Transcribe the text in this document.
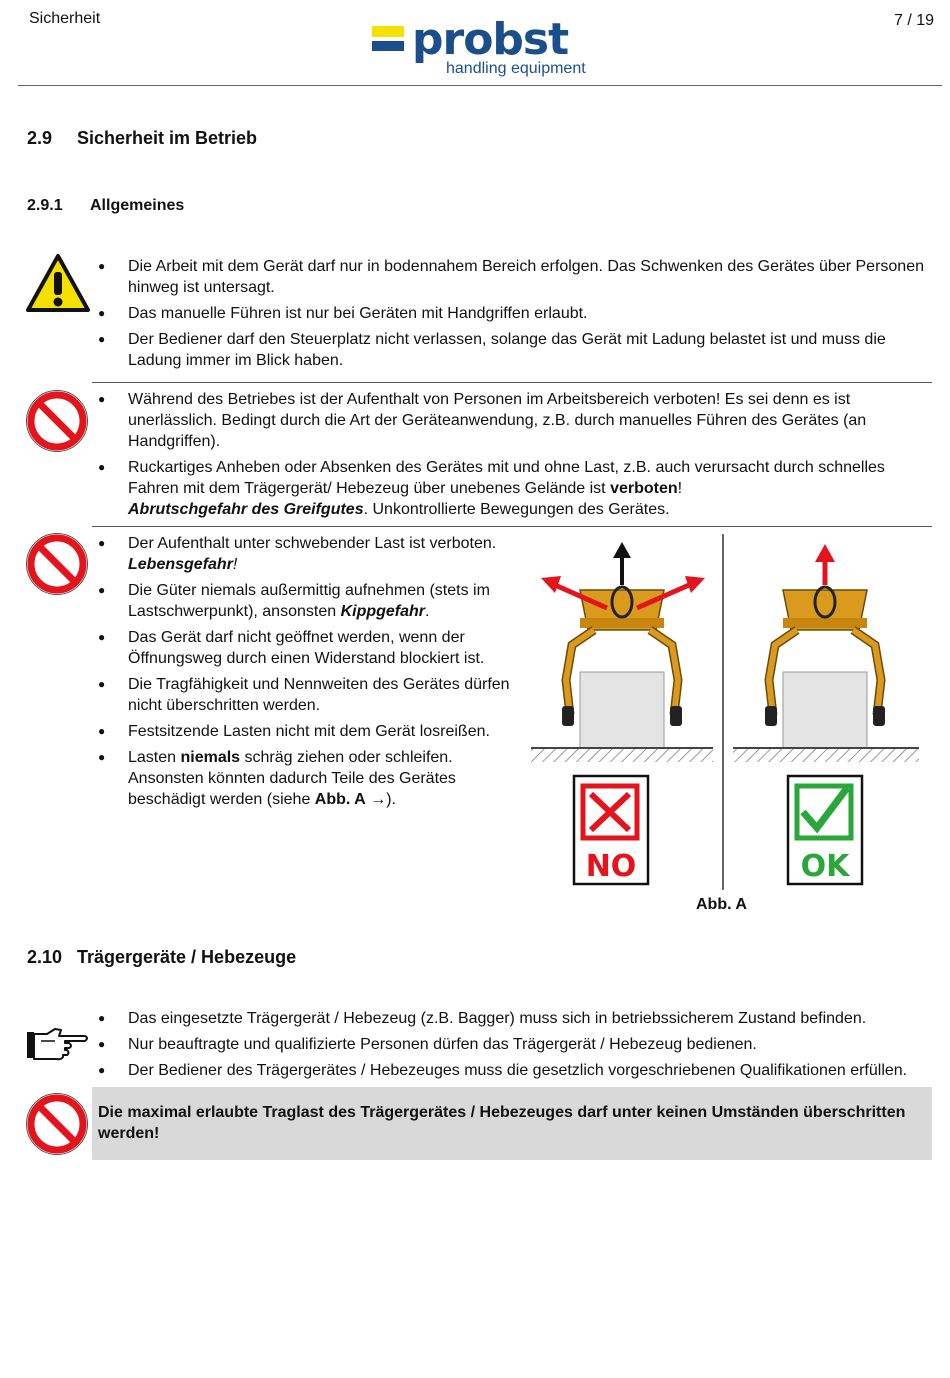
Sicherheit	7 / 19
probst
handling equipment
2.9 Sicherheit im Betrieb
2.9.1 Allgemeines
● Die Arbeit mit dem Gerät darf nur in bodennahem Bereich erfolgen. Das Schwenken des Gerätes über Personen hinweg ist untersagt.
● Das manuelle Führen ist nur bei Geräten mit Handgriffen erlaubt.
● Der Bediener darf den Steuerplatz nicht verlassen, solange das Gerät mit Ladung belastet ist und muss die Ladung immer im Blick haben.
● Während des Betriebes ist der Aufenthalt von Personen im Arbeitsbereich verboten! Es sei denn es ist unerlässlich. Bedingt durch die Art der Geräteanwendung, z.B. durch manuelles Führen des Gerätes (an Handgriffen).
● Ruckartiges Anheben oder Absenken des Gerätes mit und ohne Last, z.B. auch verursacht durch schnelles Fahren mit dem Trägergerät/ Hebezeug über unebenes Gelände ist verboten!
Abrutschgefahr des Greifgutes. Unkontrollierte Bewegungen des Gerätes.
● Der Aufenthalt unter schwebender Last ist verboten. Lebensgefahr!
● Die Güter niemals außermittig aufnehmen (stets im Lastschwerpunkt), ansonsten Kippgefahr.
● Das Gerät darf nicht geöffnet werden, wenn der Öffnungsweg durch einen Widerstand blockiert ist.
● Die Tragfähigkeit und Nennweiten des Gerätes dürfen nicht überschritten werden.
● Festsitzende Lasten nicht mit dem Gerät losreißen.
● Lasten niemals schräg ziehen oder schleifen. Ansonsten könnten dadurch Teile des Gerätes beschädigt werden (siehe Abb. A →).
NO	OK
Abb. A
2.10 Trägergeräte / Hebezeuge
● Das eingesetzte Trägergerät / Hebezeug (z.B. Bagger) muss sich in betriebssicherem Zustand befinden.
● Nur beauftragte und qualifizierte Personen dürfen das Trägergerät / Hebezeug bedienen.
● Der Bediener des Trägergerätes / Hebezeuges muss die gesetzlich vorgeschriebenen Qualifikationen erfüllen.
Die maximal erlaubte Traglast des Trägergerätes / Hebezeuges darf unter keinen Umständen überschritten werden!
